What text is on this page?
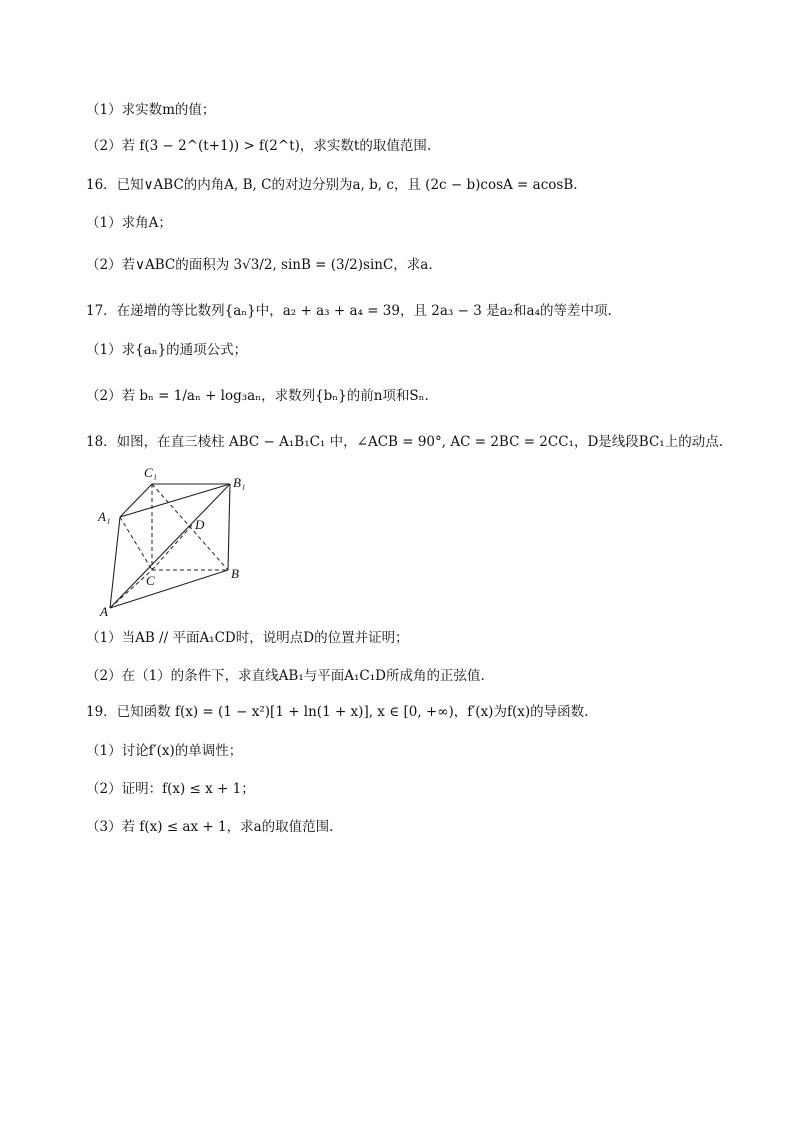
（1）求实数m的值；
（2）若 f(3 − 2^(t+1)) > f(2^t)，求实数t的取值范围.
16．已知∨ABC的内角A, B, C的对边分别为a, b, c，且 (2c − b)cosA = acosB.
（1）求角A；
（2）若∨ABC的面积为 3√3/2, sinB = (3/2)sinC，求a.
17．在递增的等比数列{aₙ}中，a₂ + a₃ + a₄ = 39，且 2a₃ − 3 是a₂和a₄的等差中项.
（1）求{aₙ}的通项公式；
（2）若 bₙ = 1/aₙ + log₃aₙ，求数列{bₙ}的前n项和Sₙ.
18．如图，在直三棱柱 ABC − A₁B₁C₁ 中，∠ACB = 90°, AC = 2BC = 2CC₁，D是线段BC₁上的动点.
C₁
B₁
A₁
D
C	B
A
（1）当AB // 平面A₁CD时，说明点D的位置并证明；
（2）在（1）的条件下，求直线AB₁与平面A₁C₁D所成角的正弦值.
19．已知函数 f(x) = (1 − x²)[1 + ln(1 + x)], x ∈ [0, +∞)，f′(x)为f(x)的导函数.
（1）讨论f′(x)的单调性；
（2）证明：f(x) ≤ x + 1；
（3）若 f(x) ≤ ax + 1，求a的取值范围.
